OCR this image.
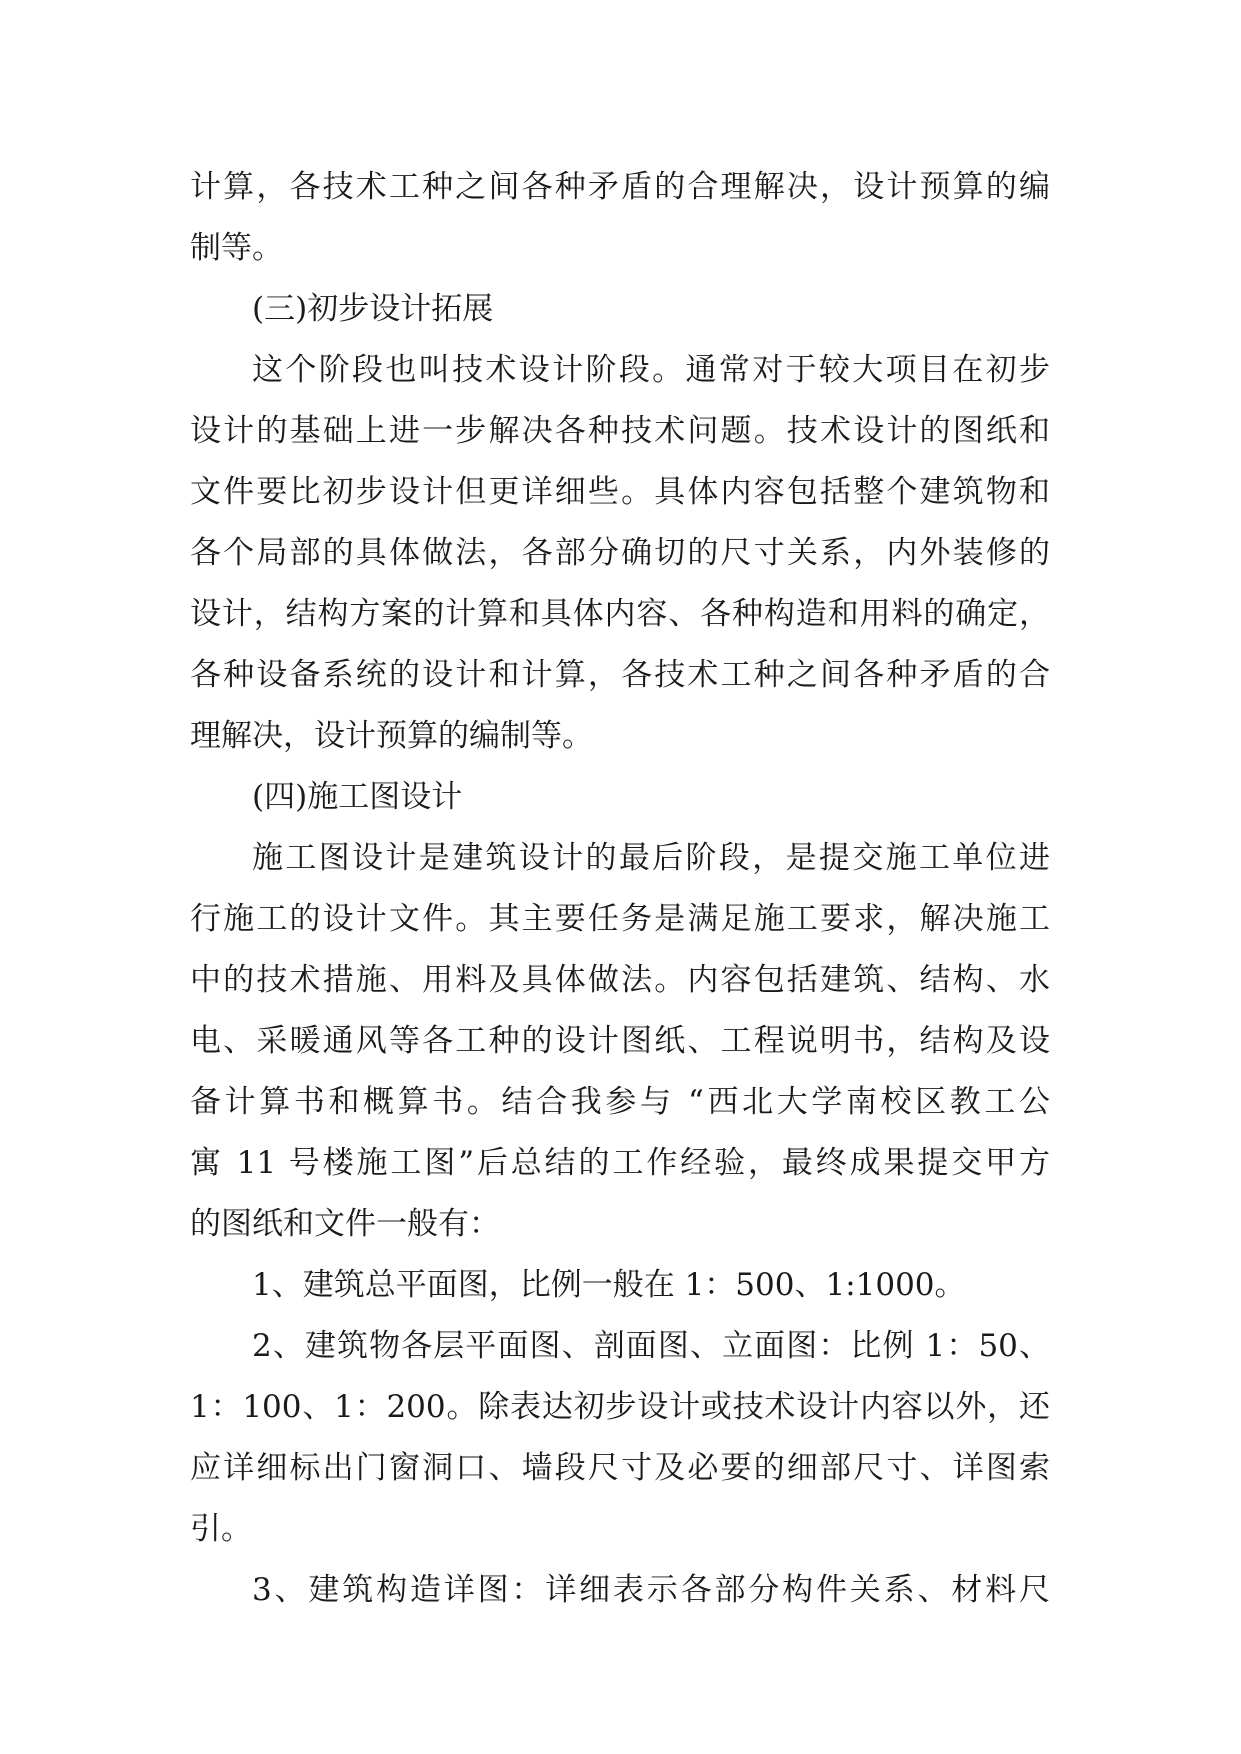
计算，各技术工种之间各种矛盾的合理解决，设计预算的编
制等。
(三)初步设计拓展
这个阶段也叫技术设计阶段。通常对于较大项目在初步
设计的基础上进一步解决各种技术问题。技术设计的图纸和
文件要比初步设计但更详细些。具体内容包括整个建筑物和
各个局部的具体做法，各部分确切的尺寸关系，内外装修的
设计，结构方案的计算和具体内容、各种构造和用料的确定，
各种设备系统的设计和计算，各技术工种之间各种矛盾的合
理解决，设计预算的编制等。
(四)施工图设计
施工图设计是建筑设计的最后阶段，是提交施工单位进
行施工的设计文件。其主要任务是满足施工要求，解决施工
中的技术措施、用料及具体做法。内容包括建筑、结构、水
电、采暖通风等各工种的设计图纸、工程说明书，结构及设
备计算书和概算书。结合我参与 “西北大学南校区教工公
寓 11 号楼施工图”后总结的工作经验，最终成果提交甲方
的图纸和文件一般有：
1、建筑总平面图，比例一般在 1：500、1:1000。
2、建筑物各层平面图、剖面图、立面图：比例 1：50、
1：100、1：200。除表达初步设计或技术设计内容以外，还
应详细标出门窗洞口、墙段尺寸及必要的细部尺寸、详图索
引。
3、建筑构造详图：详细表示各部分构件关系、材料尺
